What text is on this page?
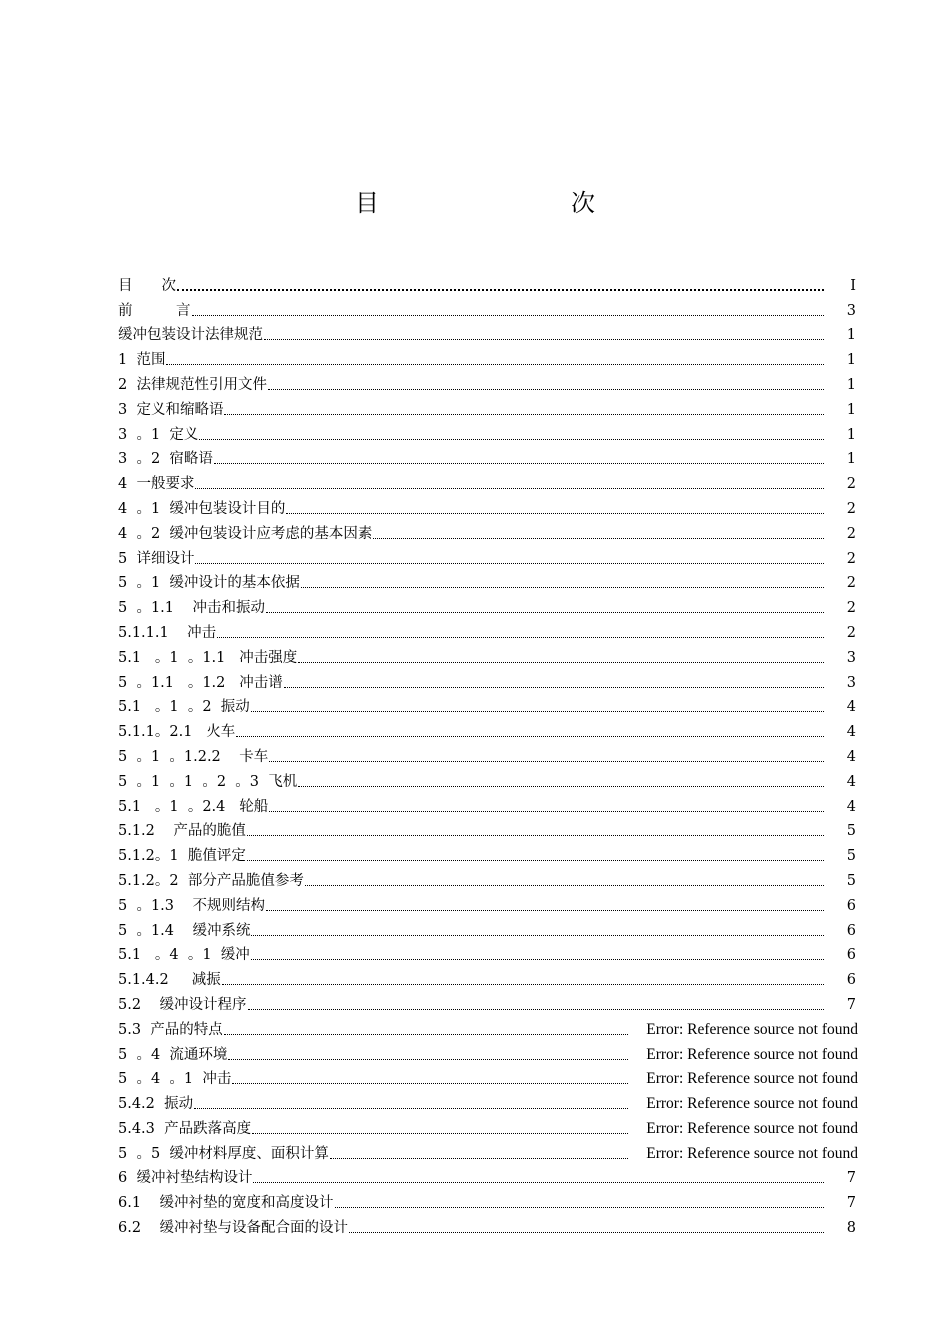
目　　次
目　　次	I
前　　　言	3
缓冲包装设计法律规范	1
1  范围	1
2  法律规范性引用文件	1
3  定义和缩略语	1
3  。1  定义	1
3  。2  宿略语	1
4  一般要求	2
4  。1  缓冲包装设计目的	2
4  。2  缓冲包装设计应考虑的基本因素	2
5  详细设计	2
5  。1  缓冲设计的基本依据	2
5  。1.1    冲击和振动	2
5.1.1.1    冲击	2
5.1   。1  。1.1   冲击强度	3
5  。1.1   。1.2   冲击谱	3
5.1   。1  。2  振动	4
5.1.1。2.1   火车	4
5  。1  。1.2.2    卡车	4
5  。1  。1  。2  。3  飞机	4
5.1   。1  。2.4   轮船	4
5.1.2    产品的脆值	5
5.1.2。1  脆值评定	5
5.1.2。2  部分产品脆值参考	5
5  。1.3    不规则结构	6
5  。1.4    缓冲系统	6
5.1   。4  。1  缓冲	6
5.1.4.2     减振	6
5.2    缓冲设计程序	7
5.3  产品的特点	Error: Reference source not found
5  。4  流通环境	Error: Reference source not found
5  。4  。1  冲击	Error: Reference source not found
5.4.2  振动	Error: Reference source not found
5.4.3  产品跌落高度	Error: Reference source not found
5  。5  缓冲材料厚度、面积计算	Error: Reference source not found
6  缓冲衬垫结构设计	7
6.1    缓冲衬垫的宽度和高度设计	7
6.2    缓冲衬垫与设备配合面的设计	8
